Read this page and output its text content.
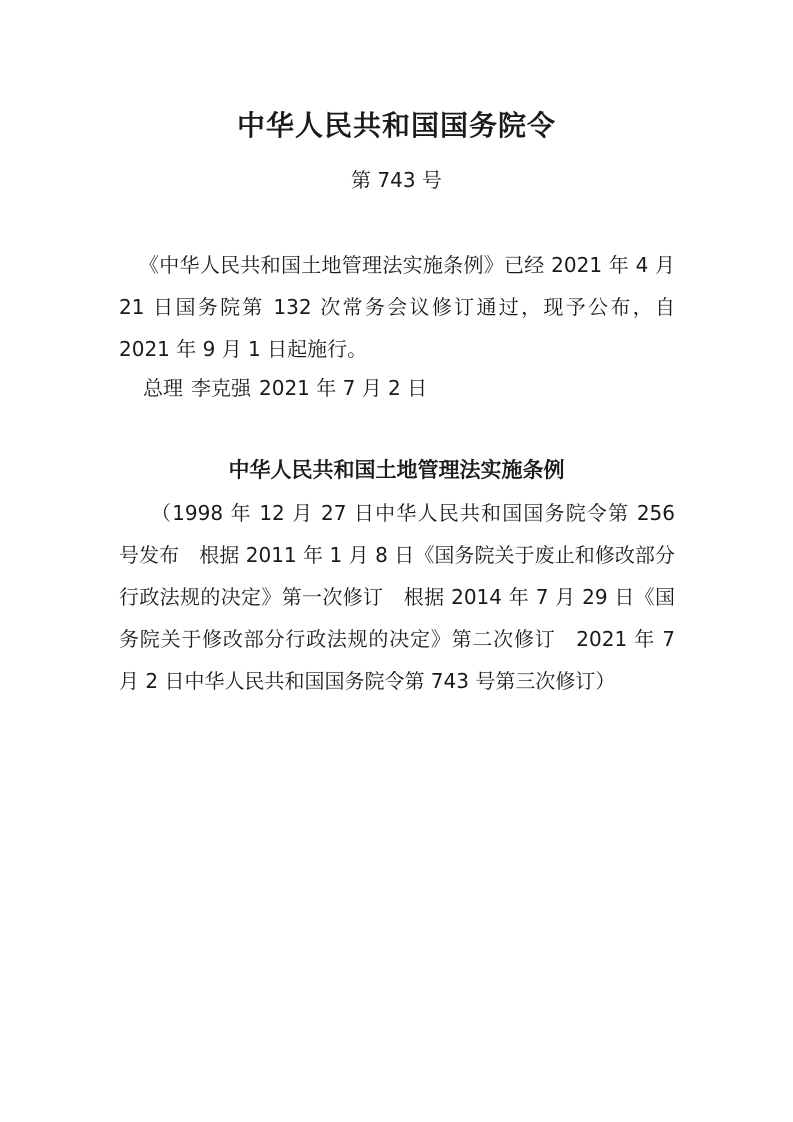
中华人民共和国国务院令
第 743 号

《中华人民共和国土地管理法实施条例》已经 2021 年 4 月 21 日国务院第 132 次常务会议修订通过，现予公布，自 2021 年 9 月 1 日起施行。

总理 李克强 2021 年 7 月 2 日
中华人民共和国土地管理法实施条例

（1998 年 12 月 27 日中华人民共和国国务院令第 256 号发布　根据 2011 年 1 月 8 日《国务院关于废止和修改部分行政法规的决定》第一次修订　根据 2014 年 7 月 29 日《国务院关于修改部分行政法规的决定》第二次修订　2021 年 7 月 2 日中华人民共和国国务院令第 743 号第三次修订）
